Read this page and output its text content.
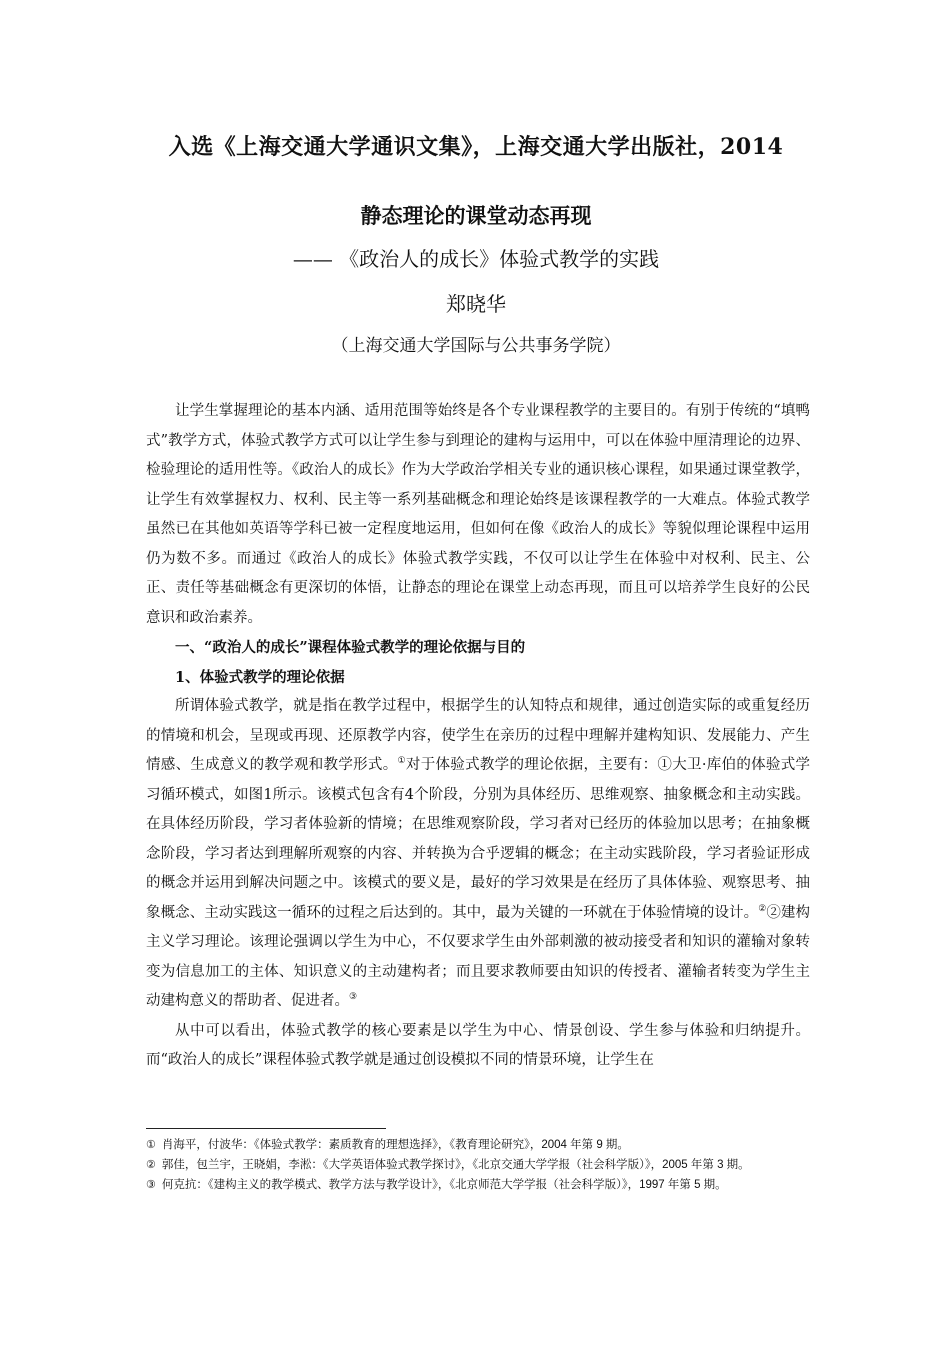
入选《上海交通大学通识文集》，上海交通大学出版社，2014
静态理论的课堂动态再现
—— 《政治人的成长》体验式教学的实践
郑晓华
（上海交通大学国际与公共事务学院）

让学生掌握理论的基本内涵、适用范围等始终是各个专业课程教学的主要目的。有别于传统的“填鸭式”教学方式，体验式教学方式可以让学生参与到理论的建构与运用中，可以在体验中厘清理论的边界、检验理论的适用性等。《政治人的成长》作为大学政治学相关专业的通识核心课程，如果通过课堂教学，让学生有效掌握权力、权利、民主等一系列基础概念和理论始终是该课程教学的一大难点。体验式教学虽然已在其他如英语等学科已被一定程度地运用，但如何在像《政治人的成长》等貌似理论课程中运用仍为数不多。而通过《政治人的成长》体验式教学实践，不仅可以让学生在体验中对权利、民主、公正、责任等基础概念有更深切的体悟，让静态的理论在课堂上动态再现，而且可以培养学生良好的公民意识和政治素养。

一、“政治人的成长”课程体验式教学的理论依据与目的
1、体验式教学的理论依据

所谓体验式教学，就是指在教学过程中，根据学生的认知特点和规律，通过创造实际的或重复经历的情境和机会，呈现或再现、还原教学内容，使学生在亲历的过程中理解并建构知识、发展能力、产生情感、生成意义的教学观和教学形式。①对于体验式教学的理论依据，主要有：①大卫·库伯的体验式学习循环模式，如图1所示。该模式包含有4个阶段，分别为具体经历、思维观察、抽象概念和主动实践。在具体经历阶段，学习者体验新的情境；在思维观察阶段，学习者对已经历的体验加以思考；在抽象概念阶段，学习者达到理解所观察的内容、并转换为合乎逻辑的概念；在主动实践阶段，学习者验证形成的概念并运用到解决问题之中。该模式的要义是，最好的学习效果是在经历了具体体验、观察思考、抽象概念、主动实践这一循环的过程之后达到的。其中，最为关键的一环就在于体验情境的设计。②②建构主义学习理论。该理论强调以学生为中心，不仅要求学生由外部刺激的被动接受者和知识的灌输对象转变为信息加工的主体、知识意义的主动建构者；而且要求教师要由知识的传授者、灌输者转变为学生主动建构意义的帮助者、促进者。③

从中可以看出，体验式教学的核心要素是以学生为中心、情景创设、学生参与体验和归纳提升。而“政治人的成长”课程体验式教学就是通过创设模拟不同的情景环境，让学生在

① 肖海平，付波华：《体验式教学：素质教育的理想选择》，《教育理论研究》，2004 年第 9 期。
② 郭佳，包兰宇，王晓娟，李淞：《大学英语体验式教学探讨》，《北京交通大学学报（社会科学版）》，2005 年第 3 期。
③ 何克抗：《建构主义的教学模式、教学方法与教学设计》，《北京师范大学学报（社会科学版）》，1997 年第 5 期。
